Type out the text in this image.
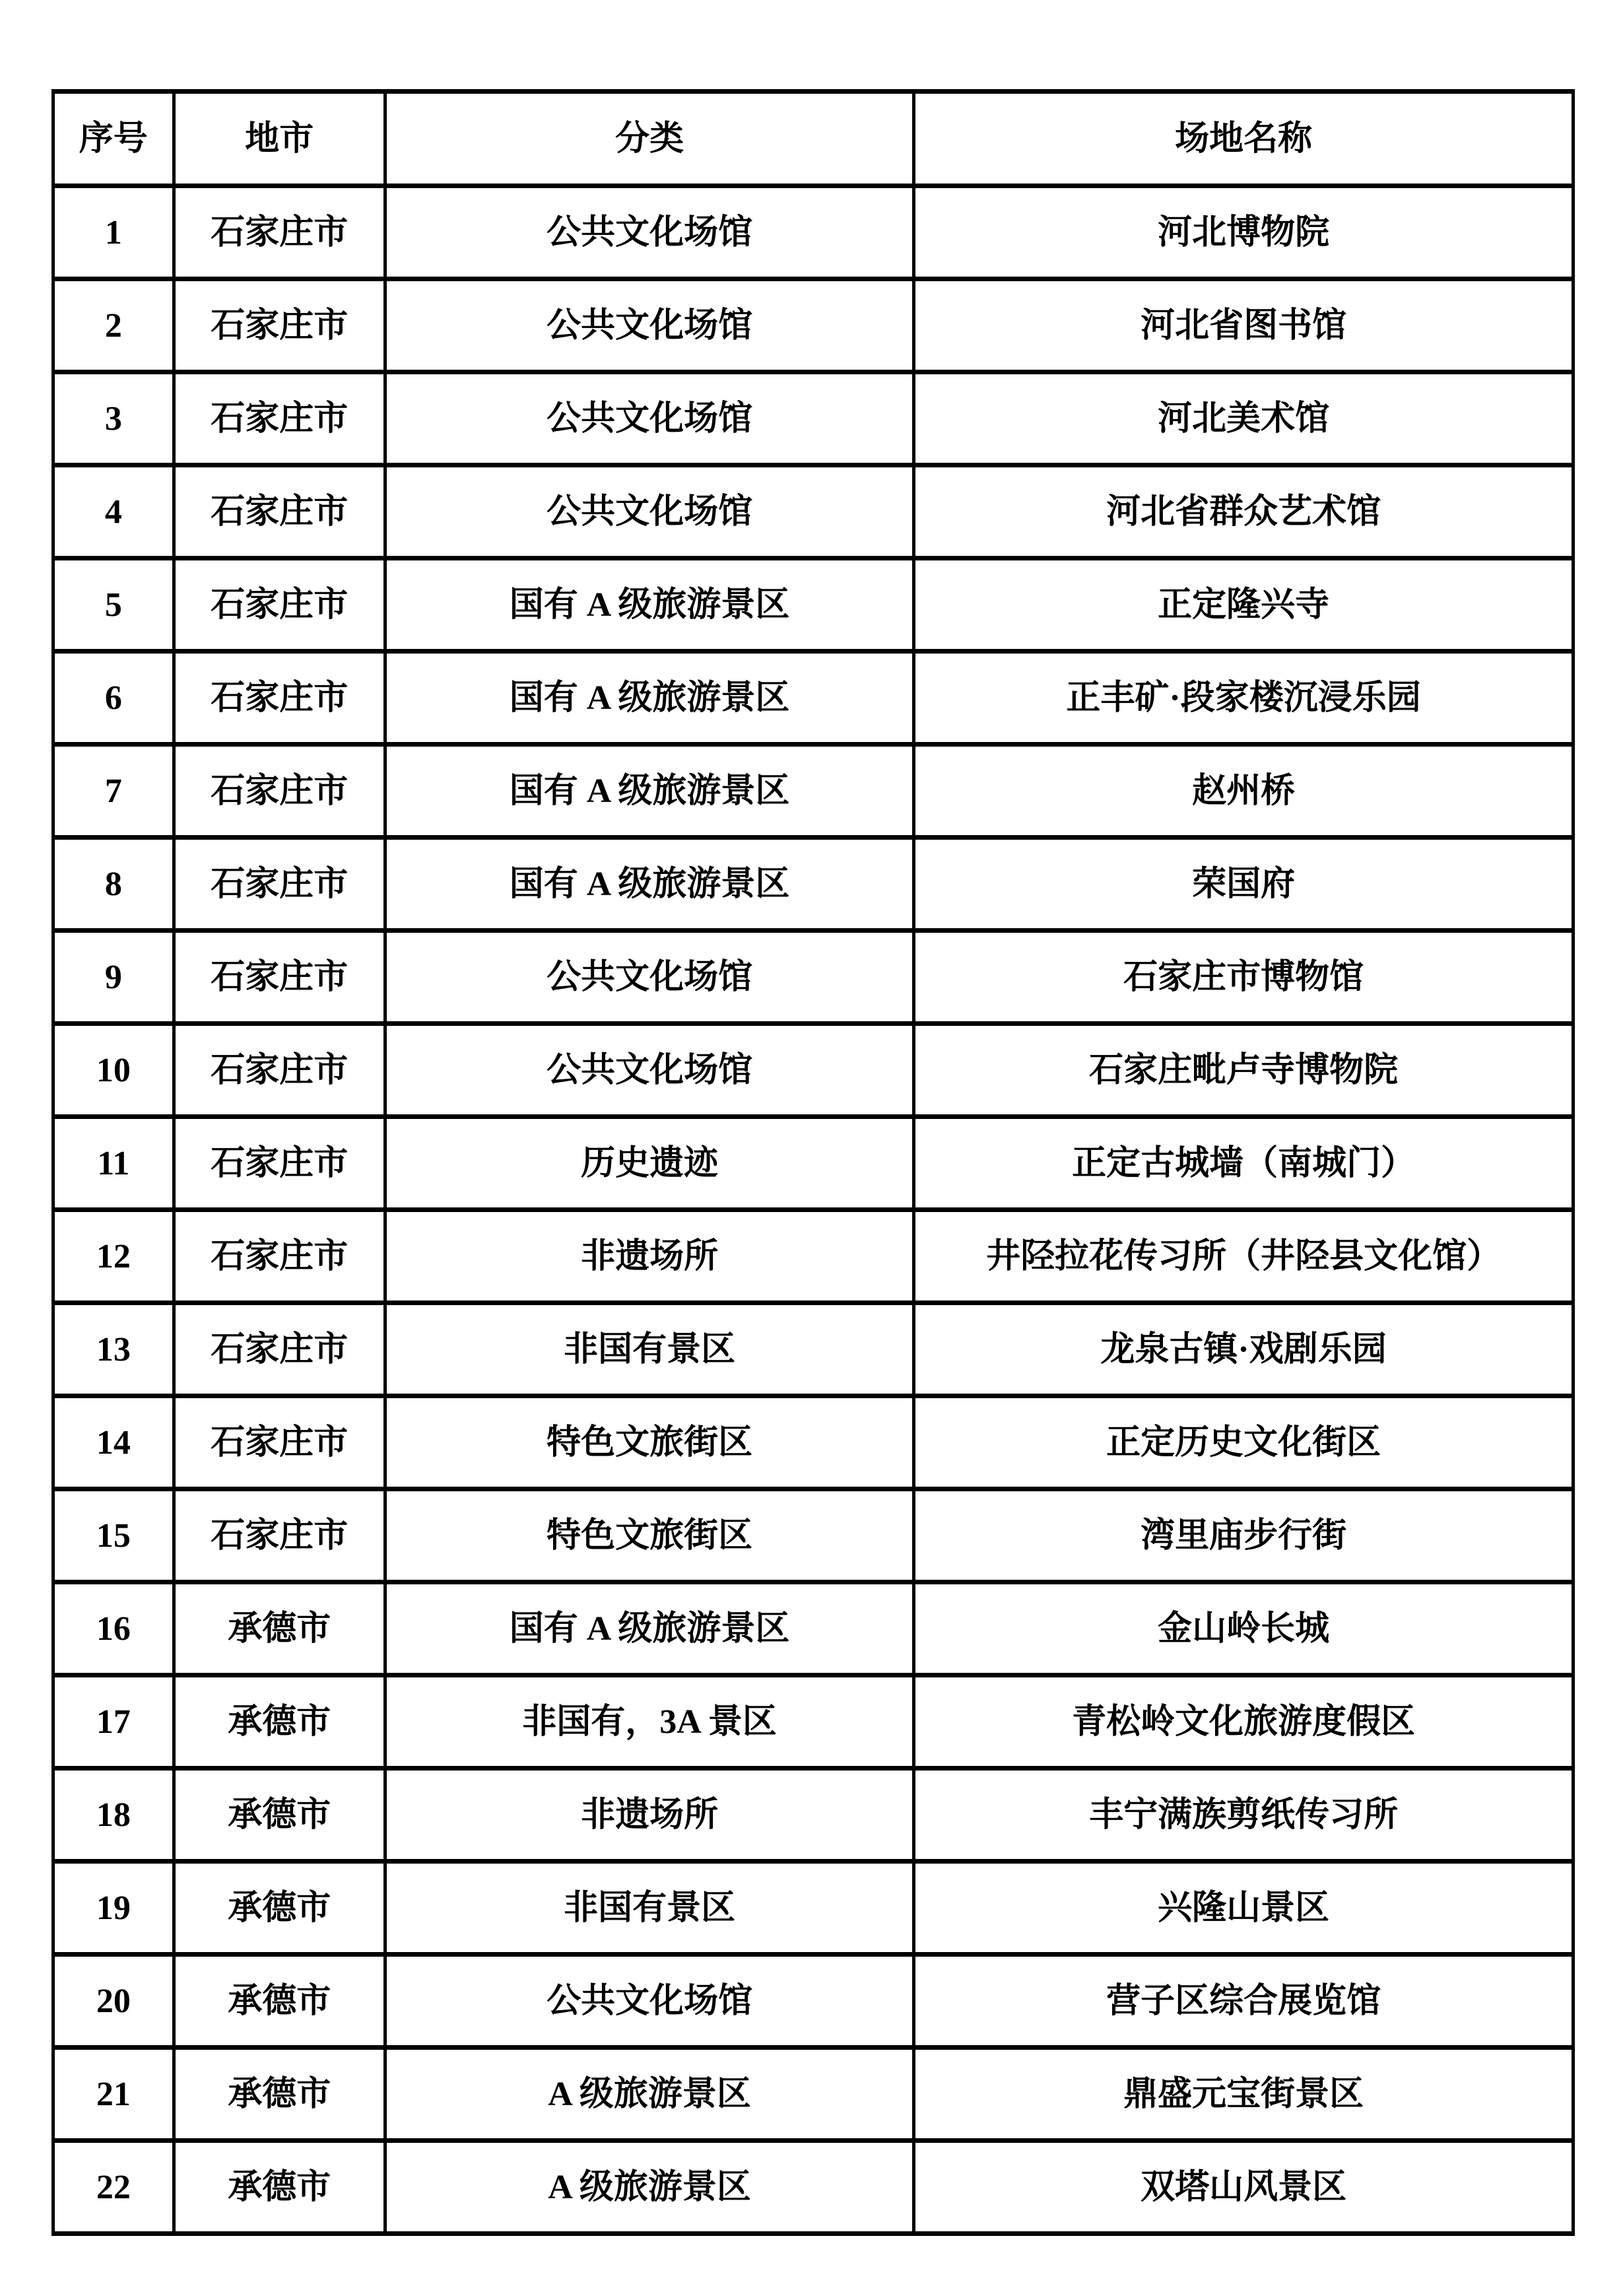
序号	地市	分类	场地名称
1	石家庄市	公共文化场馆	河北博物院
2	石家庄市	公共文化场馆	河北省图书馆
3	石家庄市	公共文化场馆	河北美术馆
4	石家庄市	公共文化场馆	河北省群众艺术馆
5	石家庄市	国有 A 级旅游景区	正定隆兴寺
6	石家庄市	国有 A 级旅游景区	正丰矿·段家楼沉浸乐园
7	石家庄市	国有 A 级旅游景区	赵州桥
8	石家庄市	国有 A 级旅游景区	荣国府
9	石家庄市	公共文化场馆	石家庄市博物馆
10	石家庄市	公共文化场馆	石家庄毗卢寺博物院
11	石家庄市	历史遗迹	正定古城墙（南城门）
12	石家庄市	非遗场所	井陉拉花传习所（井陉县文化馆）
13	石家庄市	非国有景区	龙泉古镇·戏剧乐园
14	石家庄市	特色文旅街区	正定历史文化街区
15	石家庄市	特色文旅街区	湾里庙步行街
16	承德市	国有 A 级旅游景区	金山岭长城
17	承德市	非国有，3A 景区	青松岭文化旅游度假区
18	承德市	非遗场所	丰宁满族剪纸传习所
19	承德市	非国有景区	兴隆山景区
20	承德市	公共文化场馆	营子区综合展览馆
21	承德市	A 级旅游景区	鼎盛元宝街景区
22	承德市	A 级旅游景区	双塔山风景区
